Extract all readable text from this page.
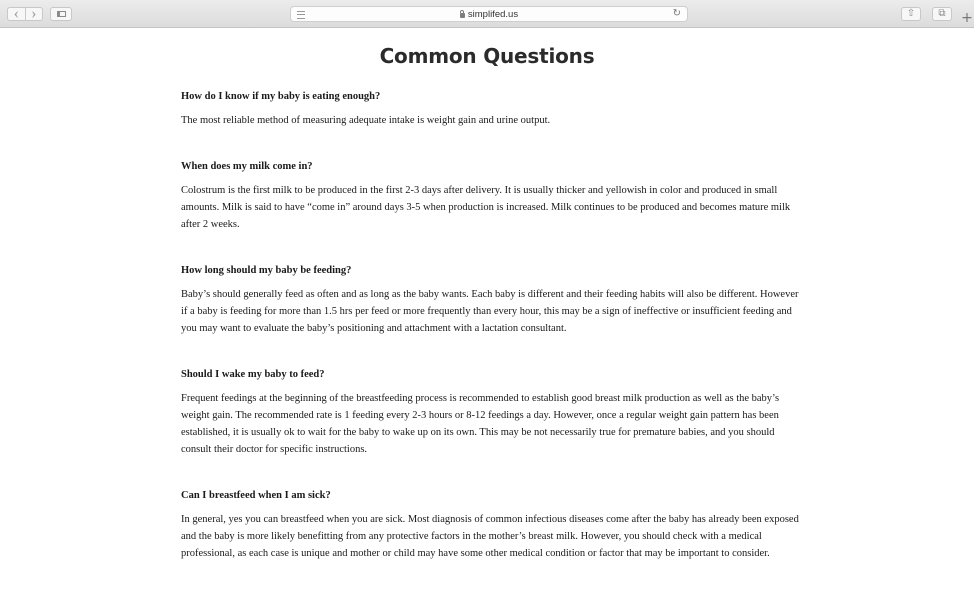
‹ ›	simplifed.us	↻	⇧ ⧉ +
Common Questions

How do I know if my baby is eating enough?

The most reliable method of measuring adequate intake is weight gain and urine output.

When does my milk come in?

Colostrum is the first milk to be produced in the first 2-3 days after delivery. It is usually thicker and yellowish in color and produced in small amounts. Milk is said to have “come in” around days 3-5 when production is increased. Milk continues to be produced and becomes mature milk after 2 weeks.

How long should my baby be feeding?

Baby’s should generally feed as often and as long as the baby wants. Each baby is different and their feeding habits will also be different. However if a baby is feeding for more than 1.5 hrs per feed or more frequently than every hour, this may be a sign of ineffective or insufficient feeding and you may want to evaluate the baby’s positioning and attachment with a lactation consultant.

Should I wake my baby to feed?

Frequent feedings at the beginning of the breastfeeding process is recommended to establish good breast milk production as well as the baby’s weight gain. The recommended rate is 1 feeding every 2-3 hours or 8-12 feedings a day. However, once a regular weight gain pattern has been established, it is usually ok to wait for the baby to wake up on its own. This may be not necessarily true for premature babies, and you should consult their doctor for specific instructions.

Can I breastfeed when I am sick?

In general, yes you can breastfeed when you are sick. Most diagnosis of common infectious diseases come after the baby has already been exposed and the baby is more likely benefitting from any protective factors in the mother’s breast milk. However, you should check with a medical professional, as each case is unique and mother or child may have some other medical condition or factor that may be important to consider.
